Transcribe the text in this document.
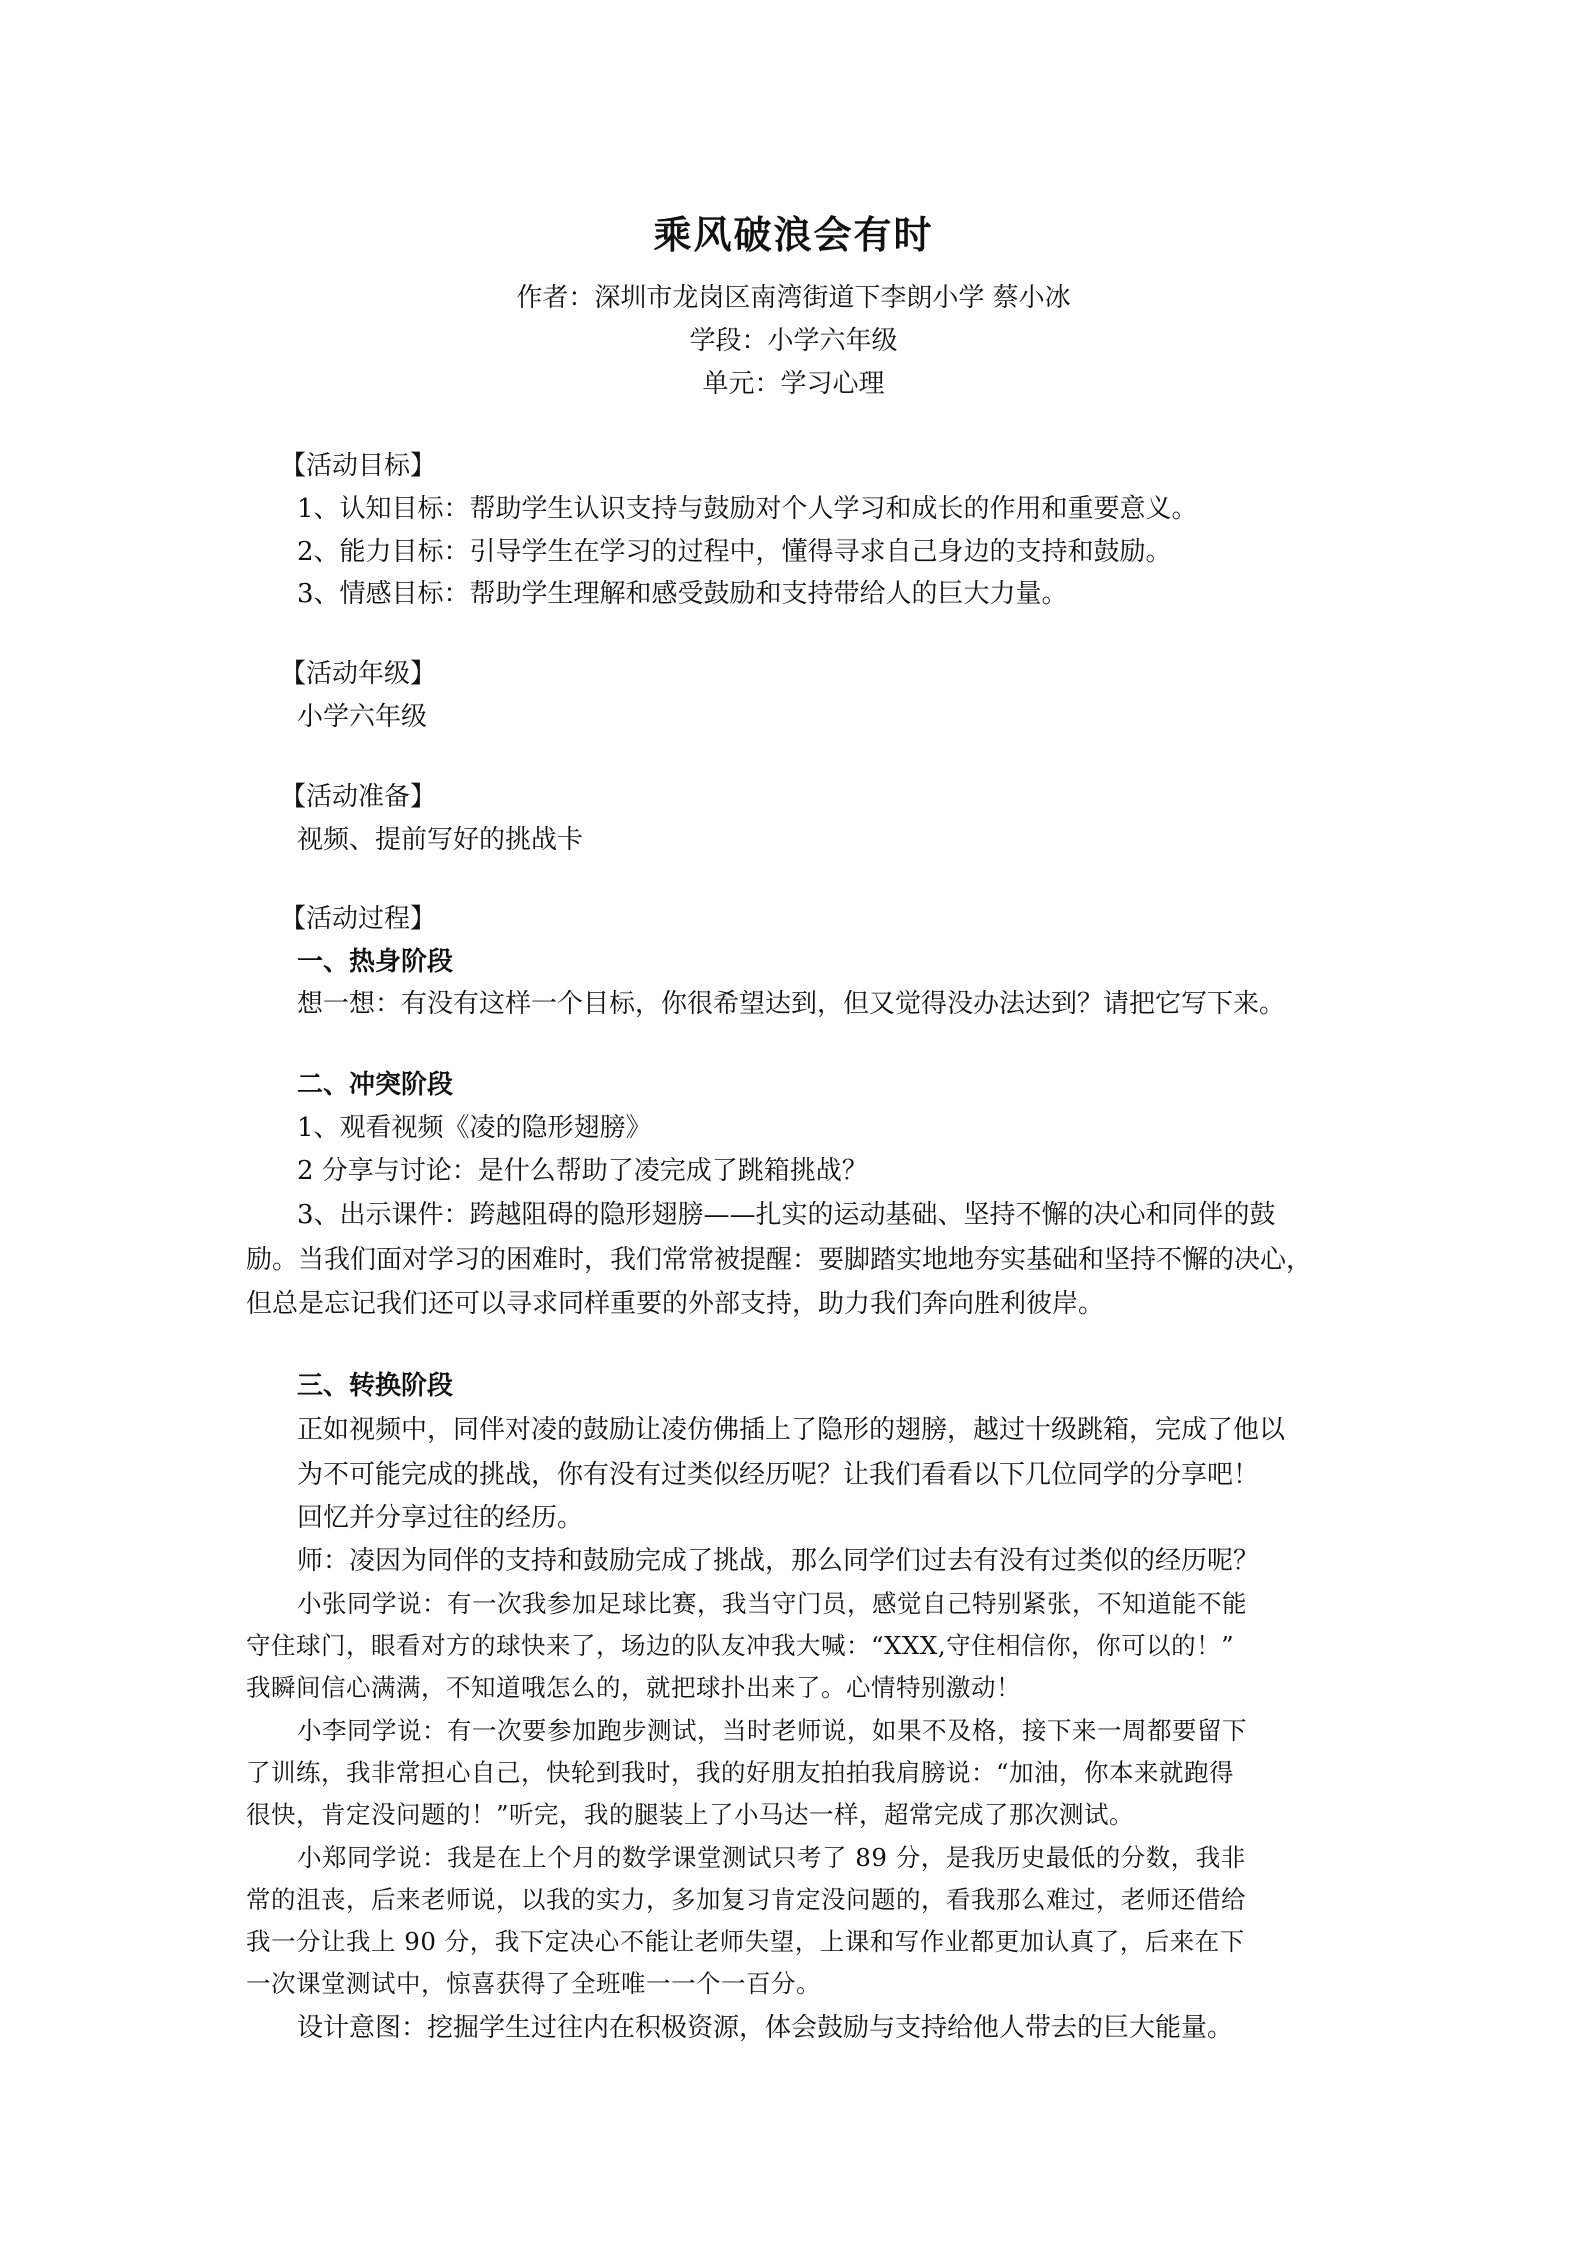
乘风破浪会有时
作者：深圳市龙岗区南湾街道下李朗小学 蔡小冰
学段：小学六年级
单元：学习心理
【活动目标】
1、认知目标：帮助学生认识支持与鼓励对个人学习和成长的作用和重要意义。
2、能力目标：引导学生在学习的过程中，懂得寻求自己身边的支持和鼓励。
3、情感目标：帮助学生理解和感受鼓励和支持带给人的巨大力量。
【活动年级】
小学六年级
【活动准备】
视频、提前写好的挑战卡
【活动过程】
一、热身阶段
想一想：有没有这样一个目标，你很希望达到，但又觉得没办法达到？请把它写下来。
二、冲突阶段
1、观看视频《凌的隐形翅膀》
2 分享与讨论：是什么帮助了凌完成了跳箱挑战？
3、出示课件：跨越阻碍的隐形翅膀——扎实的运动基础、坚持不懈的决心和同伴的鼓
励。当我们面对学习的困难时，我们常常被提醒：要脚踏实地地夯实基础和坚持不懈的决心，
但总是忘记我们还可以寻求同样重要的外部支持，助力我们奔向胜利彼岸。
三、转换阶段
正如视频中，同伴对凌的鼓励让凌仿佛插上了隐形的翅膀，越过十级跳箱，完成了他以
为不可能完成的挑战，你有没有过类似经历呢？让我们看看以下几位同学的分享吧！
回忆并分享过往的经历。
师：凌因为同伴的支持和鼓励完成了挑战，那么同学们过去有没有过类似的经历呢？
小张同学说：有一次我参加足球比赛，我当守门员，感觉自己特别紧张，不知道能不能
守住球门，眼看对方的球快来了，场边的队友冲我大喊：“XXX,守住相信你，你可以的！”
我瞬间信心满满，不知道哦怎么的，就把球扑出来了。心情特别激动！
小李同学说：有一次要参加跑步测试，当时老师说，如果不及格，接下来一周都要留下
了训练，我非常担心自己，快轮到我时，我的好朋友拍拍我肩膀说：“加油，你本来就跑得
很快，肯定没问题的！”听完，我的腿装上了小马达一样，超常完成了那次测试。
小郑同学说：我是在上个月的数学课堂测试只考了 89 分，是我历史最低的分数，我非
常的沮丧，后来老师说，以我的实力，多加复习肯定没问题的，看我那么难过，老师还借给
我一分让我上 90 分，我下定决心不能让老师失望，上课和写作业都更加认真了，后来在下
一次课堂测试中，惊喜获得了全班唯一一个一百分。
设计意图：挖掘学生过往内在积极资源，体会鼓励与支持给他人带去的巨大能量。
